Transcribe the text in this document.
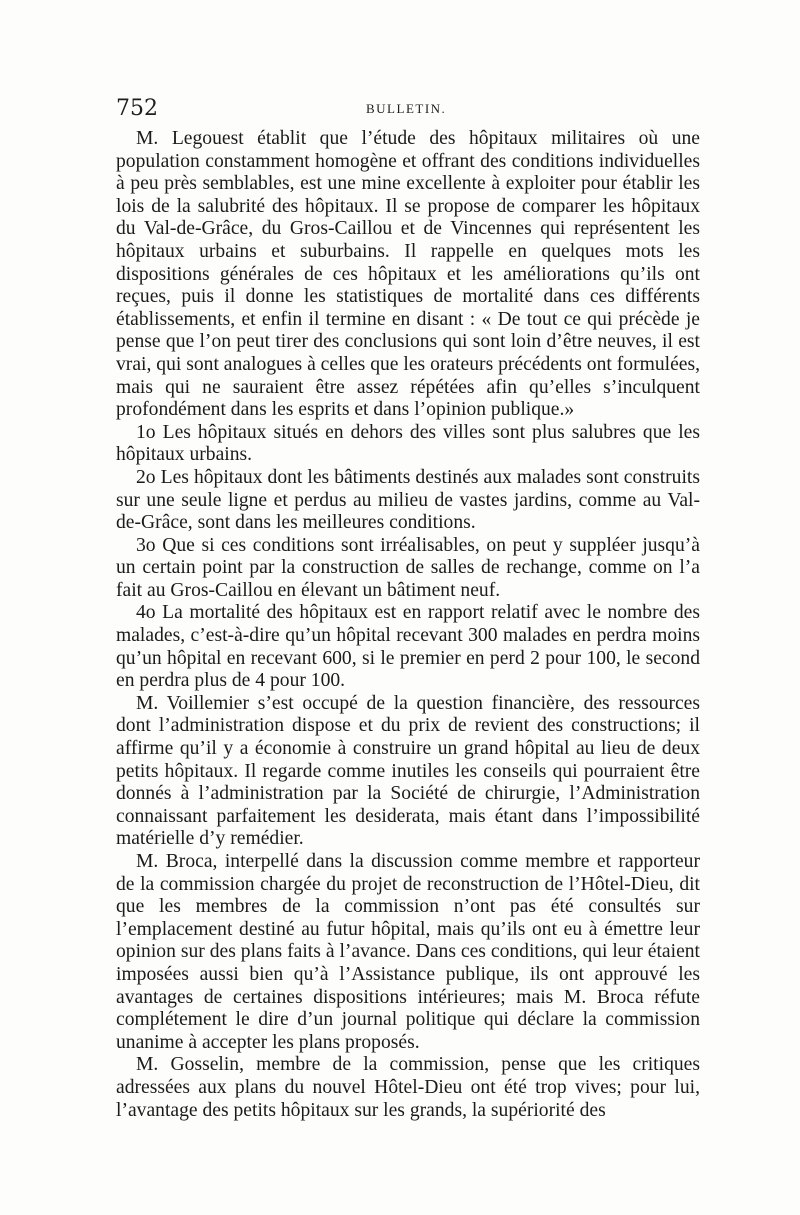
752	BULLETIN.

M. Legouest établit que l’étude des hôpitaux militaires où une population constamment homogène et offrant des conditions individuelles à peu près semblables, est une mine excellente à exploiter pour établir les lois de la salubrité des hôpitaux. Il se propose de comparer les hôpitaux du Val-de-Grâce, du Gros-Caillou et de Vincennes qui représentent les hôpitaux urbains et suburbains. Il rappelle en quelques mots les dispositions générales de ces hôpitaux et les améliorations qu’ils ont reçues, puis il donne les statistiques de mortalité dans ces différents établissements, et enfin il termine en disant : « De tout ce qui précède je pense que l’on peut tirer des conclusions qui sont loin d’être neuves, il est vrai, qui sont analogues à celles que les orateurs précédents ont formulées, mais qui ne sauraient être assez répétées afin qu’elles s’inculquent profondément dans les esprits et dans l’opinion publique.»

1o Les hôpitaux situés en dehors des villes sont plus salubres que les hôpitaux urbains.

2o Les hôpitaux dont les bâtiments destinés aux malades sont construits sur une seule ligne et perdus au milieu de vastes jardins, comme au Val-de-Grâce, sont dans les meilleures conditions.

3o Que si ces conditions sont irréalisables, on peut y suppléer jusqu’à un certain point par la construction de salles de rechange, comme on l’a fait au Gros-Caillou en élevant un bâtiment neuf.

4o La mortalité des hôpitaux est en rapport relatif avec le nombre des malades, c’est-à-dire qu’un hôpital recevant 300 malades en perdra moins qu’un hôpital en recevant 600, si le premier en perd 2 pour 100, le second en perdra plus de 4 pour 100.

M. Voillemier s’est occupé de la question financière, des ressources dont l’administration dispose et du prix de revient des constructions; il affirme qu’il y a économie à construire un grand hôpital au lieu de deux petits hôpitaux. Il regarde comme inutiles les conseils qui pourraient être donnés à l’administration par la Société de chirurgie, l’Administration connaissant parfaitement les desiderata, mais étant dans l’impossibilité matérielle d’y remédier.

M. Broca, interpellé dans la discussion comme membre et rapporteur de la commission chargée du projet de reconstruction de l’Hôtel-Dieu, dit que les membres de la commission n’ont pas été consultés sur l’emplacement destiné au futur hôpital, mais qu’ils ont eu à émettre leur opinion sur des plans faits à l’avance. Dans ces conditions, qui leur étaient imposées aussi bien qu’à l’Assistance publique, ils ont approuvé les avantages de certaines dispositions intérieures; mais M. Broca réfute complétement le dire d’un journal politique qui déclare la commission unanime à accepter les plans proposés.

M. Gosselin, membre de la commission, pense que les critiques adressées aux plans du nouvel Hôtel-Dieu ont été trop vives; pour lui, l’avantage des petits hôpitaux sur les grands, la supériorité des
